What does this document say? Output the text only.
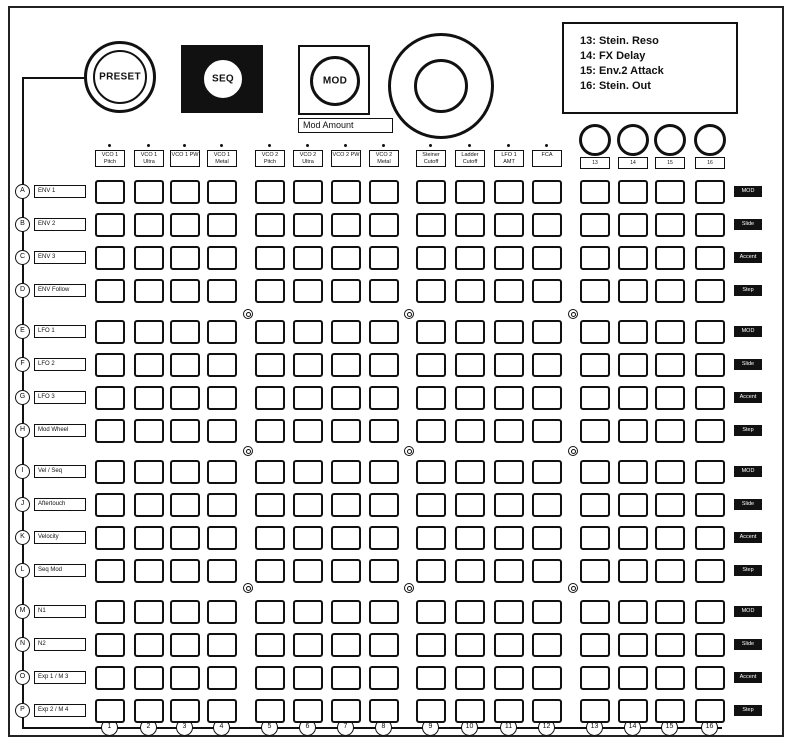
PRESET	SEQ	MOD
Mod Amount
13: Stein. Reso
14: FX Delay
15: Env.2 Attack
16: Stein. Out
VCO 1 Pitch
1
VCO 1 Ultra
2
VCO 1 PW
3
VCO 1 Metal
4
VCO 2 Pitch
5
VCO 2 Ultra
6
VCO 2 PW
7
VCO 2 Metal
8
Steiner Cutoff
9
Ladder Cutoff
10
LFO 1 AMT
11
FCA
12
13
13
14
14
15
15
16
16
A	ENV 1	MOD
B	ENV 2	Slide
C	ENV 3	Accent
D	ENV Follow	Step
E	LFO 1	MOD
F	LFO 2	Slide
G	LFO 3	Accent
H	Mod Wheel	Step
I	Vel / Seq	MOD
J	Aftertouch	Slide
K	Velocity	Accent
L	Seq Mod	Step
M	N1	MOD
N	N2	Slide
O	Exp 1 / M 3	Accent
P	Exp 2 / M 4	Step
